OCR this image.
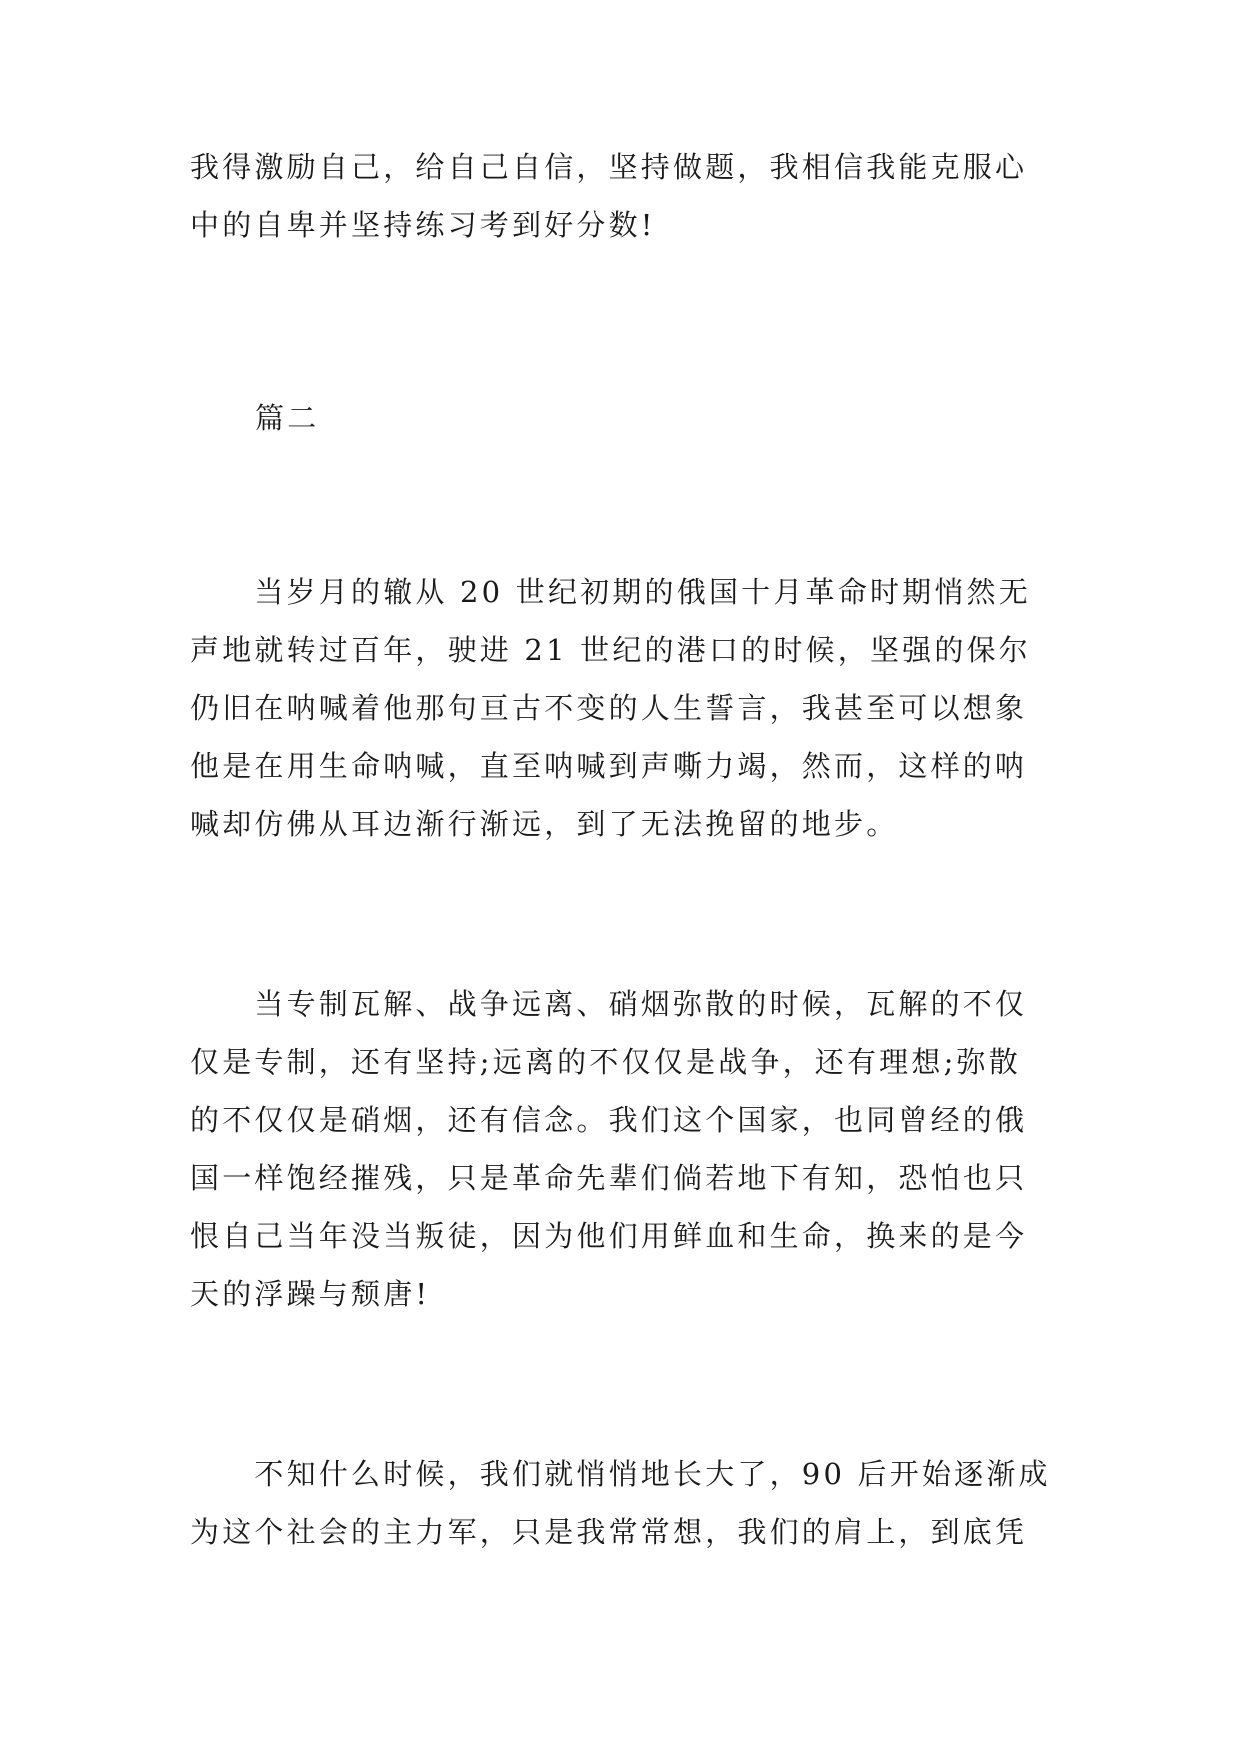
我得激励自己，给自己自信，坚持做题，我相信我能克服心
中的自卑并坚持练习考到好分数!
篇二
　　当岁月的辙从 20 世纪初期的俄国十月革命时期悄然无
声地就转过百年，驶进 21 世纪的港口的时候，坚强的保尔
仍旧在呐喊着他那句亘古不变的人生誓言，我甚至可以想象
他是在用生命呐喊，直至呐喊到声嘶力竭，然而，这样的呐
喊却仿佛从耳边渐行渐远，到了无法挽留的地步。
　　当专制瓦解、战争远离、硝烟弥散的时候，瓦解的不仅
仅是专制，还有坚持;远离的不仅仅是战争，还有理想;弥散
的不仅仅是硝烟，还有信念。我们这个国家，也同曾经的俄
国一样饱经摧残，只是革命先辈们倘若地下有知，恐怕也只
恨自己当年没当叛徒，因为他们用鲜血和生命，换来的是今
天的浮躁与颓唐!
　　不知什么时候，我们就悄悄地长大了，90 后开始逐渐成
为这个社会的主力军，只是我常常想，我们的肩上，到底凭
